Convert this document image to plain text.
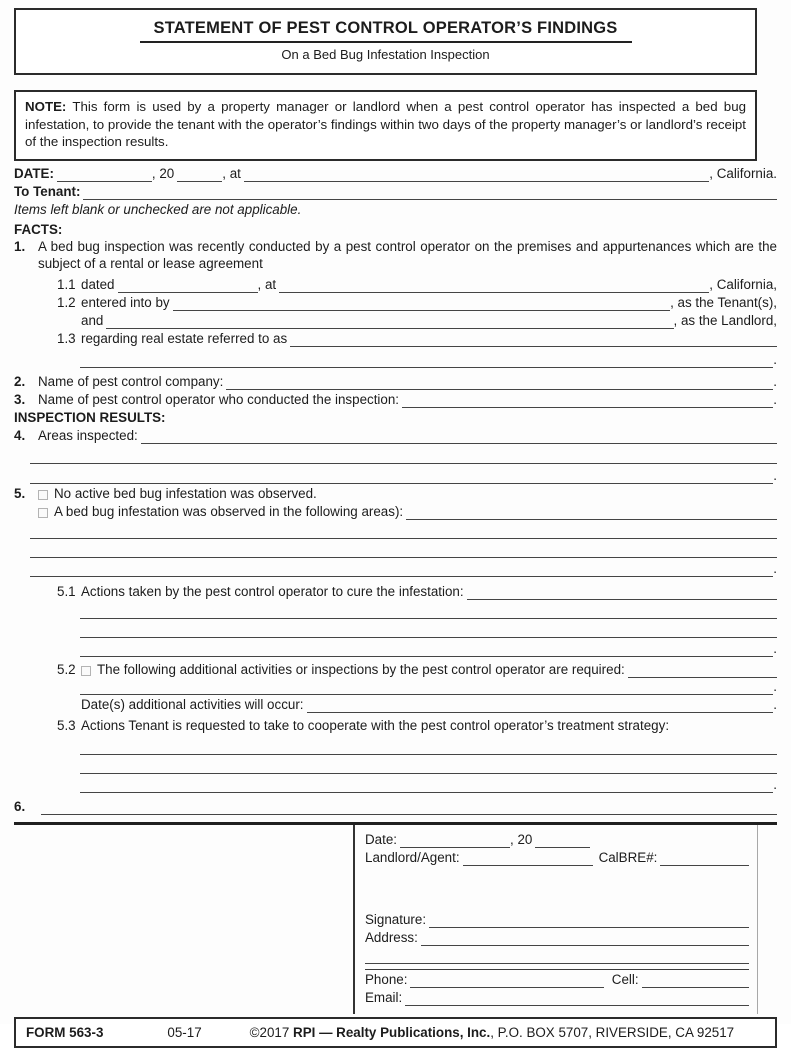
STATEMENT OF PEST CONTROL OPERATOR’S FINDINGS
On a Bed Bug Infestation Inspection
NOTE: This form is used by a property manager or landlord when a pest control operator has inspected a bed bug infestation, to provide the tenant with the operator’s findings within two days of the property manager’s or landlord’s receipt of the inspection results.
DATE:	, 20	, at	, California.
To Tenant:
Items left blank or unchecked are not applicable.
FACTS:
1. A bed bug inspection was recently conducted by a pest control operator on the premises and appurtenances which are the subject of a rental or lease agreement
1.1 dated	, at	, California,
1.2 entered into by	, as the Tenant(s),
and	, as the Landlord,
1.3 regarding real estate referred to as
.
2. Name of pest control company:	.
3. Name of pest control operator who conducted the inspection:	.
INSPECTION RESULTS:
4. Areas inspected:
.
5.	No active bed bug infestation was observed.
A bed bug infestation was observed in the following areas):
.
5.1 Actions taken by the pest control operator to cure the infestation:
.
5.2	The following additional activities or inspections by the pest control operator are required:
.
Date(s) additional activities will occur:	.
5.3 Actions Tenant is requested to take to cooperate with the pest control operator’s treatment strategy:
.
6.
Date:	, 20
Landlord/Agent:	CalBRE#:
Signature:
Address:
Phone:	Cell:
Email:
FORM 563-3	05-17	©2017 RPI — Realty Publications, Inc., P.O. BOX 5707, RIVERSIDE, CA 92517
